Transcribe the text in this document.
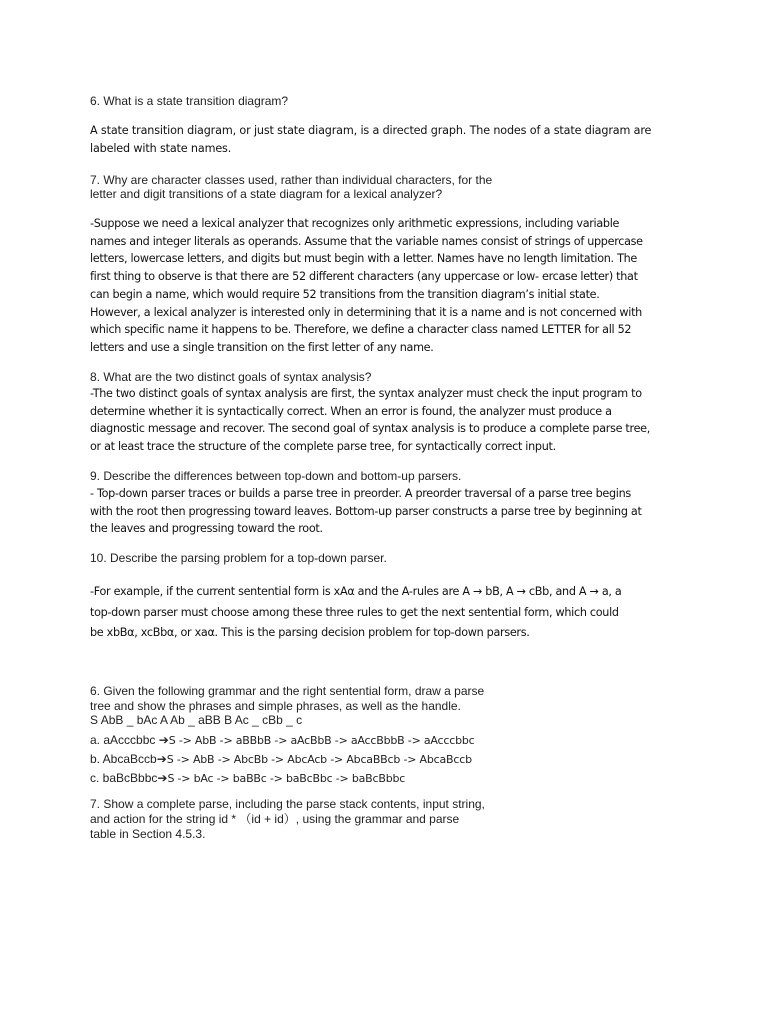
6. What is a state transition diagram?

A state transition diagram, or just state diagram, is a directed graph. The nodes of a state diagram are
labeled with state names.

7. Why are character classes used, rather than individual characters, for the
letter and digit transitions of a state diagram for a lexical analyzer?

-Suppose we need a lexical analyzer that recognizes only arithmetic expressions, including variable
names and integer literals as operands. Assume that the variable names consist of strings of uppercase
letters, lowercase letters, and digits but must begin with a letter. Names have no length limitation. The
first thing to observe is that there are 52 different characters (any uppercase or low- ercase letter) that
can begin a name, which would require 52 transitions from the transition diagram’s initial state.
However, a lexical analyzer is interested only in determining that it is a name and is not concerned with
which specific name it happens to be. Therefore, we define a character class named LETTER for all 52
letters and use a single transition on the first letter of any name.

8. What are the two distinct goals of syntax analysis?

-The two distinct goals of syntax analysis are first, the syntax analyzer must check the input program to
determine whether it is syntactically correct. When an error is found, the analyzer must produce a
diagnostic message and recover. The second goal of syntax analysis is to produce a complete parse tree,
or at least trace the structure of the complete parse tree, for syntactically correct input.

9. Describe the differences between top-down and bottom-up parsers.

- Top-down parser traces or builds a parse tree in preorder. A preorder traversal of a parse tree begins
with the root then progressing toward leaves. Bottom-up parser constructs a parse tree by beginning at
the leaves and progressing toward the root.

10. Describe the parsing problem for a top-down parser.

-For example, if the current sentential form is xAα and the A-rules are A → bB, A → cBb, and A → a, a
top-down parser must choose among these three rules to get the next sentential form, which could
be xbBα, xcBbα, or xaα. This is the parsing decision problem for top-down parsers.

6. Given the following grammar and the right sentential form, draw a parse
tree and show the phrases and simple phrases, as well as the handle.
S AbB _ bAc A Ab _ aBB B Ac _ cBb _ c

a. aAcccbbc ➔S -> AbB -> aBBbB -> aAcBbB -> aAccBbbB -> aAcccbbc
b. AbcaBccb➔S -> AbB -> AbcBb -> AbcAcb -> AbcaBBcb -> AbcaBccb
c. baBcBbbc➔S -> bAc -> baBBc -> baBcBbc -> baBcBbbc

7. Show a complete parse, including the parse stack contents, input string,
and action for the string id * （id + id）, using the grammar and parse
table in Section 4.5.3.
